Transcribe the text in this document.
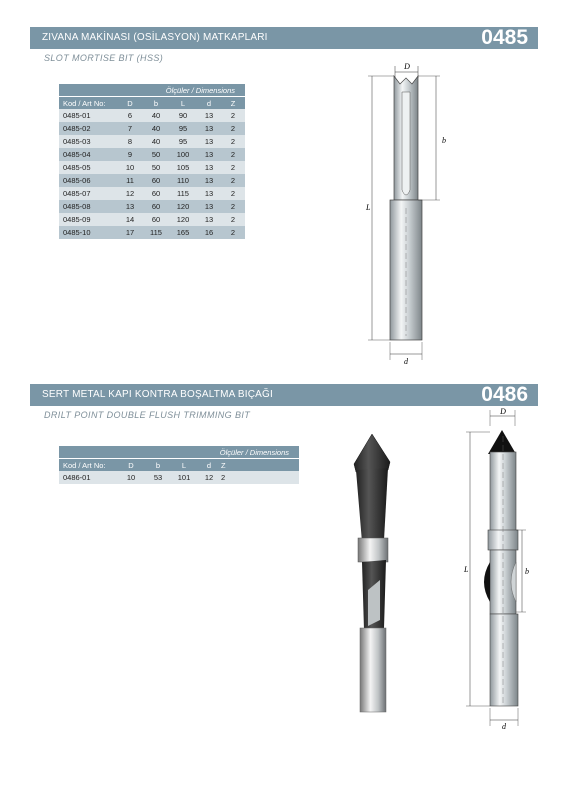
ZIVANA MAKİNASI (OSİLASYON) MATKAPLARI	0485
SLOT MORTISE BIT (HSS)
Ölçüler / Dimensions					
Kod / Art No:	D	b	L	d	Z
0485-01	6	40	90	13	2
0485-02	7	40	95	13	2
0485-03	8	40	95	13	2
0485-04	9	50	100	13	2
0485-05	10	50	105	13	2
0485-06	11	60	110	13	2
0485-07	12	60	115	13	2
0485-08	13	60	120	13	2
0485-09	14	60	120	13	2
0485-10	17	115	165	16	2
D
b
L
d
SERT METAL KAPI KONTRA BOŞALTMA BIÇAĞI	0486
DRILT POINT DOUBLE FLUSH TRIMMING BIT
Ölçüler / Dimensions					
Kod / Art No:	D	b	L	d	Z
0486-01	10	53	101	12	2
D
b
L
d
